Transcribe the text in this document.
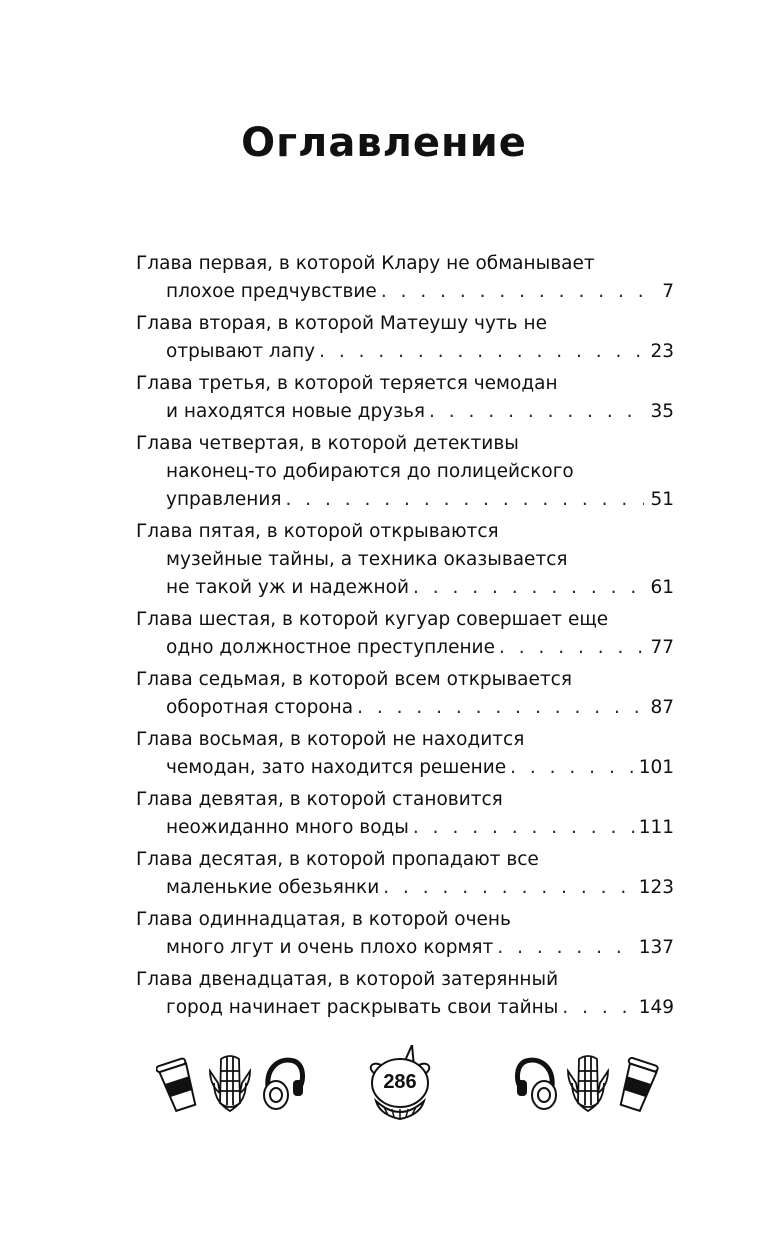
Оглавление
Глава первая, в которой Клару не обманывает
плохое предчувствие . . .	7
Глава вторая, в которой Матеушу чуть не
отрывают лапу . . .	23
Глава третья, в которой теряется чемодан
и находятся новые друзья . . .	35
Глава четвертая, в которой детективы
наконец-то добираются до полицейского
управления . . .	51
Глава пятая, в которой открываются
музейные тайны, а техника оказывается
не такой уж и надежной . . .	61
Глава шестая, в которой кугуар совершает еще
одно должностное преступление . . .	77
Глава седьмая, в которой всем открывается
оборотная сторона . . .	87
Глава восьмая, в которой не находится
чемодан, зато находится решение . . .	101
Глава девятая, в которой становится
неожиданно много воды . . .	111
Глава десятая, в которой пропадают все
маленькие обезьянки . . .	123
Глава одиннадцатая, в которой очень
много лгут и очень плохо кормят . . .	137
Глава двенадцатая, в которой затерянный
город начинает раскрывать свои тайны . . .	149
286
